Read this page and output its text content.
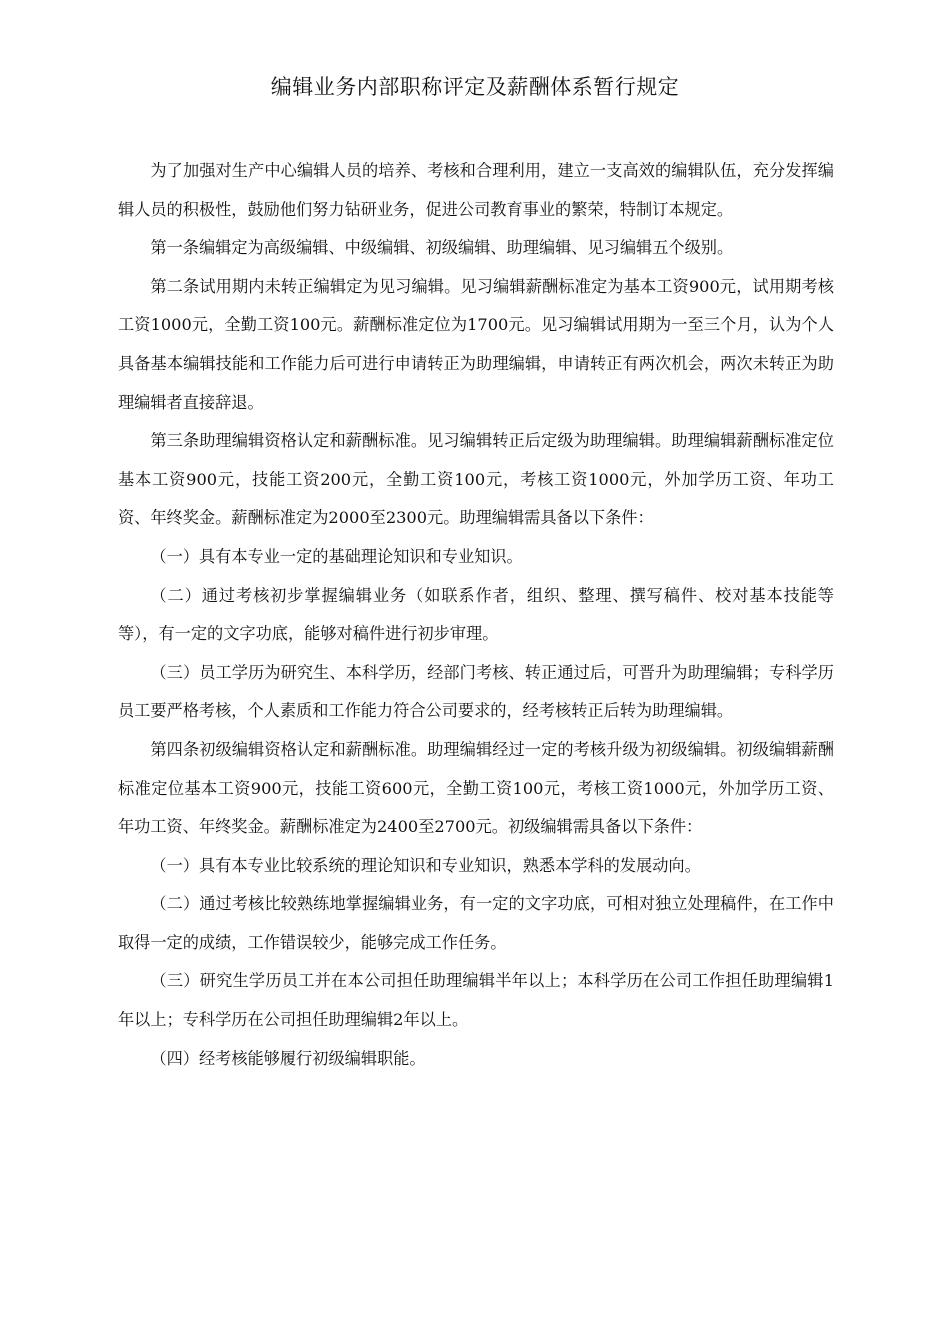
编辑业务内部职称评定及薪酬体系暂行规定

为了加强对生产中心编辑人员的培养、考核和合理利用，建立一支高效的编辑队伍，充分发挥编辑人员的积极性，鼓励他们努力钻研业务，促进公司教育事业的繁荣，特制订本规定。

第一条编辑定为高级编辑、中级编辑、初级编辑、助理编辑、见习编辑五个级别。

第二条试用期内未转正编辑定为见习编辑。见习编辑薪酬标准定为基本工资900元，试用期考核工资1000元，全勤工资100元。薪酬标准定位为1700元。见习编辑试用期为一至三个月，认为个人具备基本编辑技能和工作能力后可进行申请转正为助理编辑，申请转正有两次机会，两次未转正为助理编辑者直接辞退。

第三条助理编辑资格认定和薪酬标准。见习编辑转正后定级为助理编辑。助理编辑薪酬标准定位基本工资900元，技能工资200元，全勤工资100元，考核工资1000元，外加学历工资、年功工资、年终奖金。薪酬标准定为2000至2300元。助理编辑需具备以下条件：

（一）具有本专业一定的基础理论知识和专业知识。

（二）通过考核初步掌握编辑业务（如联系作者，组织、整理、撰写稿件、校对基本技能等等），有一定的文字功底，能够对稿件进行初步审理。

（三）员工学历为研究生、本科学历，经部门考核、转正通过后，可晋升为助理编辑；专科学历员工要严格考核，个人素质和工作能力符合公司要求的，经考核转正后转为助理编辑。

第四条初级编辑资格认定和薪酬标准。助理编辑经过一定的考核升级为初级编辑。初级编辑薪酬标准定位基本工资900元，技能工资600元，全勤工资100元，考核工资1000元，外加学历工资、年功工资、年终奖金。薪酬标准定为2400至2700元。初级编辑需具备以下条件：

（一）具有本专业比较系统的理论知识和专业知识，熟悉本学科的发展动向。

（二）通过考核比较熟练地掌握编辑业务，有一定的文字功底，可相对独立处理稿件，在工作中取得一定的成绩，工作错误较少，能够完成工作任务。

（三）研究生学历员工并在本公司担任助理编辑半年以上；本科学历在公司工作担任助理编辑1年以上；专科学历在公司担任助理编辑2年以上。

（四）经考核能够履行初级编辑职能。
